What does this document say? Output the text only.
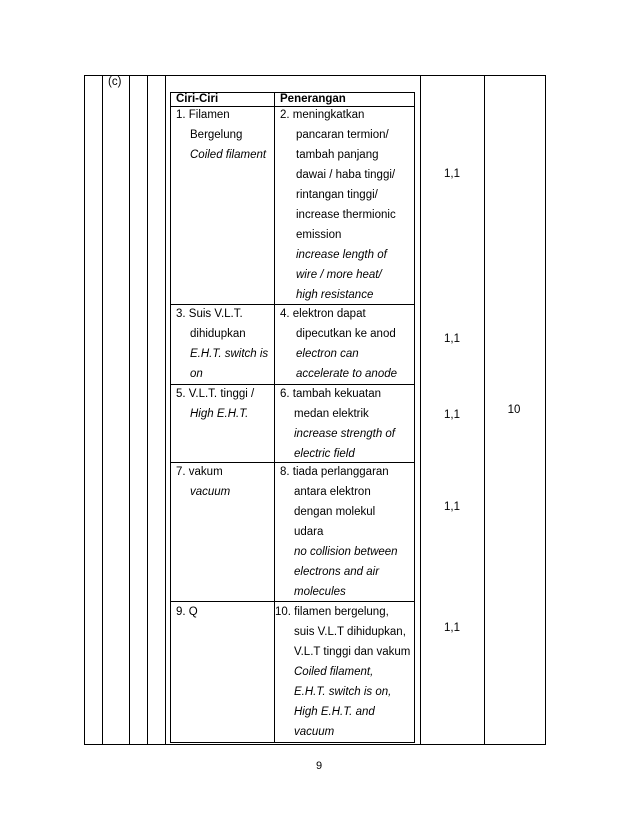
(c)
Ciri-Ciri	Penerangan
1. Filamen
Bergelung
Coiled filament
2. meningkatkan
pancaran termion/
tambah panjang
dawai / haba tinggi/
rintangan tinggi/
increase thermionic
emission
increase length of
wire / more heat/
high resistance
1,1
3. Suis V.L.T.
dihidupkan
E.H.T. switch is
on
4. elektron dapat
dipecutkan ke anod
electron can
accelerate to anode
1,1
5. V.L.T. tinggi /
High E.H.T.
6. tambah kekuatan
medan elektrik
increase strength of
electric field
1,1
7. vakum
vacuum
8. tiada perlanggaran
antara elektron
dengan molekul
udara
no collision between
electrons and air
molecules
1,1
9. Q	10. filamen bergelung,
suis V.L.T dihidupkan,
V.L.T tinggi dan vakum
Coiled filament,
E.H.T. switch is on,
High E.H.T. and
vacuum
1,1
10
9
